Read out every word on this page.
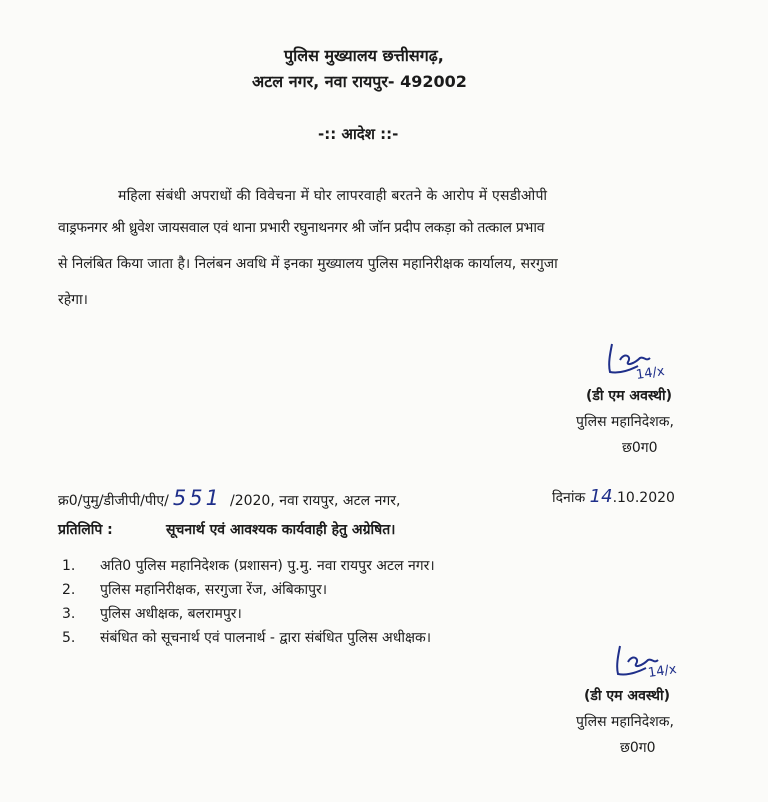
पुलिस मुख्यालय छत्तीसगढ़,
अटल नगर, नवा रायपुर- 492002
-:: आदेश ::-
महिला संबंधी अपराधों की विवेचना में घोर लापरवाही बरतने के आरोप में एसडीओपी
वाड्रफनगर श्री ध्रुवेश जायसवाल एवं थाना प्रभारी रघुनाथनगर श्री जॉन प्रदीप लकड़ा को तत्काल प्रभाव
से निलंबित किया जाता है। निलंबन अवधि में इनका मुख्यालय पुलिस महानिरीक्षक कार्यालय, सरगुजा
रहेगा।
14/x
(डी एम अवस्थी)
पुलिस महानिदेशक,
छ0ग0
क्र0/पुमु/डीजीपी/पीए/ 551 /2020, नवा रायपुर, अटल नगर,	दिनांक 14.10.2020
प्रतिलिपि :	सूचनार्थ एवं आवश्यक कार्यवाही हेतु अग्रेषित।
1. अति0 पुलिस महानिदेशक (प्रशासन) पु.मु. नवा रायपुर अटल नगर।
2. पुलिस महानिरीक्षक, सरगुजा रेंज, अंबिकापुर।
3. पुलिस अधीक्षक, बलरामपुर।
5. संबंधित को सूचनार्थ एवं पालनार्थ - द्वारा संबंधित पुलिस अधीक्षक।
14/x
(डी एम अवस्थी)
पुलिस महानिदेशक,
छ0ग0
